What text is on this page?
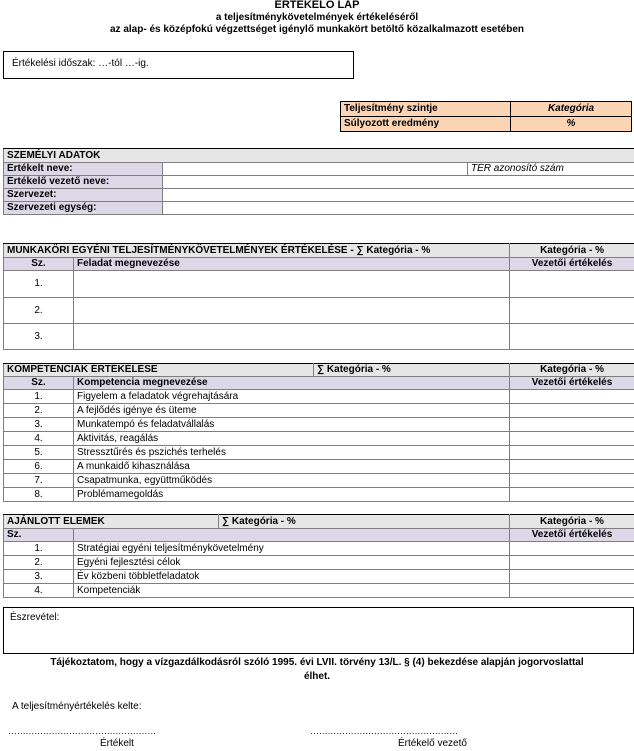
ÉRTÉKELŐ LAP
a teljesítménykövetelmények értékeléséről
az alap- és középfokú végzettséget igénylő munkakört betöltő közalkalmazott esetében
Értékelési időszak: …-tól …-ig.
Teljesítmény szintje	Kategória
Súlyozott eredmény	%
SZEMÉLYI ADATOK		
Értékelt neve:		TÉR azonosító szám
Értékelő vezető neve:		
Szervezet:		
Szervezeti egység:		
MUNKAKÖRI EGYÉNI TELJESÍTMÉNYKÖVETELMÉNYEK ÉRTÉKELÉSE - ∑ Kategória - %		Kategória - %
Sz.	Feladat megnevezése	Vezetői értékelés
1.		
2.		
3.		
KOMPETENCIÁK ÉRTÉKELÉSE		∑ Kategória - %	Kategória - %
Sz.	Kompetencia megnevezése		Vezetői értékelés
1.	Figyelem a feladatok végrehajtására		
2.	A fejlődés igénye és üteme		
3.	Munkatempó és feladatvállalás		
4.	Aktivitás, reagálás		
5.	Stressztűrés és pszichés terhelés		
6.	A munkaidő kihasználása		
7.	Csapatmunka, együttműködés		
8.	Problémamegoldás		
AJÁNLOTT ELEMEK		∑ Kategória - %	Kategória - %
Sz.			Vezetői értékelés
1.	Stratégiai egyéni teljesítménykövetelmény		
2.	Egyéni fejlesztési célok		
3.	Év közbeni többletfeladatok		
4.	Kompetenciák		
Észrevétel:
Tájékoztatom, hogy a vízgazdálkodásról szóló 1995. évi LVII. törvény 13/L. § (4) bekezdése alapján jogorvoslattal
élhet.
A teljesítményértékelés kelte:
……………………………………………	……………………………………………
Értékelt	Értékelő vezető
